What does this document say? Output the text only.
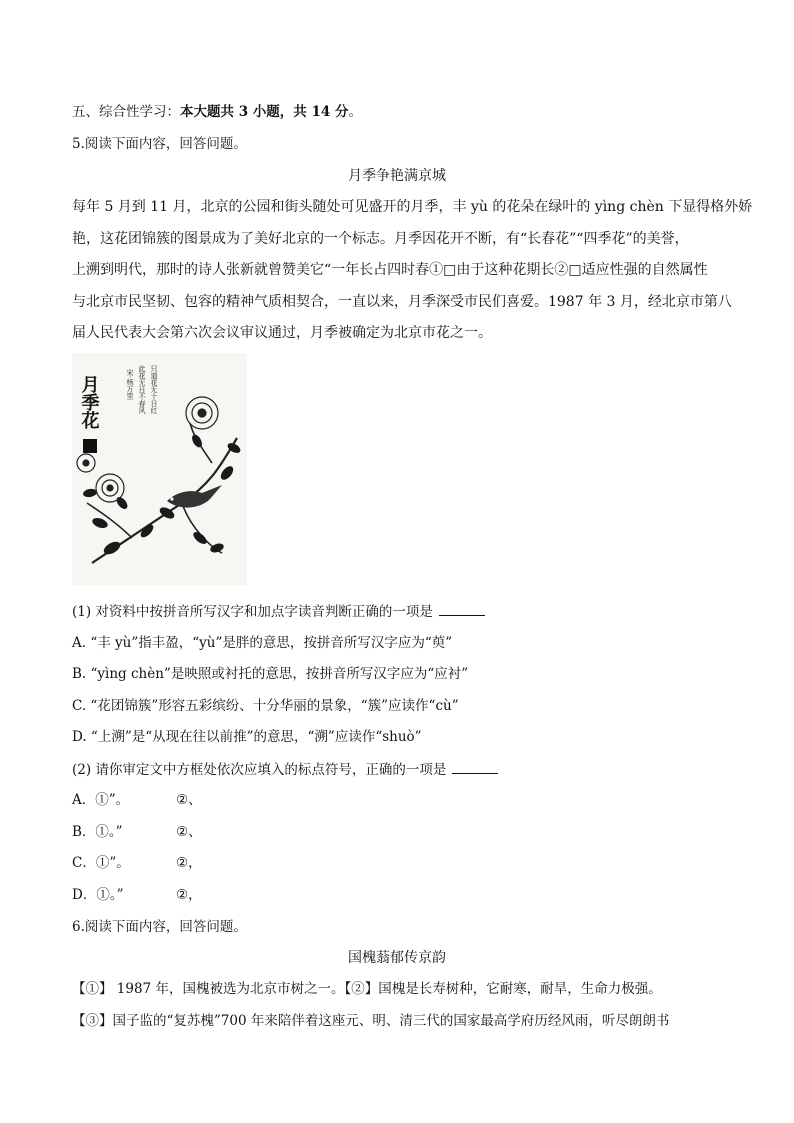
五、综合性学习：本大题共 3 小题，共 14 分。
5.阅读下面内容，回答问题。
月季争艳满京城
每年 5 月到 11 月，北京的公园和街头随处可见盛开的月季，丰 yù 的花朵在绿叶的 yìng chèn 下显得格外娇
艳，这花团锦簇的图景成为了美好北京的一个标志。月季因花开不断，有“长春花”“四季花”的美誉，
上溯到明代，那时的诗人张新就曾赞美它“一年长占四时春①□由于这种花期长②□适应性强的自然属性
与北京市民坚韧、包容的精神气质相契合，一直以来，月季深受市民们喜爱。1987 年 3 月，经北京市第八
届人民代表大会第六次会议审议通过，月季被确定为北京市花之一。
月季花	只道花无十日红
此花无日不春风
宋·杨万里
(1) 对资料中按拼音所写汉字和加点字读音判断正确的一项是
A. “丰 yù”指丰盈，“yù”是胖的意思，按拼音所写汉字应为“萸”
B. “yìng chèn”是映照或衬托的意思，按拼音所写汉字应为“应衬”
C. “花团锦簇”形容五彩缤纷、十分华丽的景象，“簇”应读作“cù”
D. “上溯”是“从现在往以前推”的意思，“溯”应读作“shuò”
(2) 请你审定文中方框处依次应填入的标点符号，正确的一项是
A．①”。	②、
B．①。”	②、
C．①”。	②，
D．①。”	②，
6.阅读下面内容，回答问题。
国槐蓊郁传京韵
【①】 1987 年，国槐被选为北京市树之一。【②】国槐是长寿树种，它耐寒，耐旱，生命力极强。
【③】国子监的“复苏槐”700 年来陪伴着这座元、明、清三代的国家最高学府历经风雨，听尽朗朗书
